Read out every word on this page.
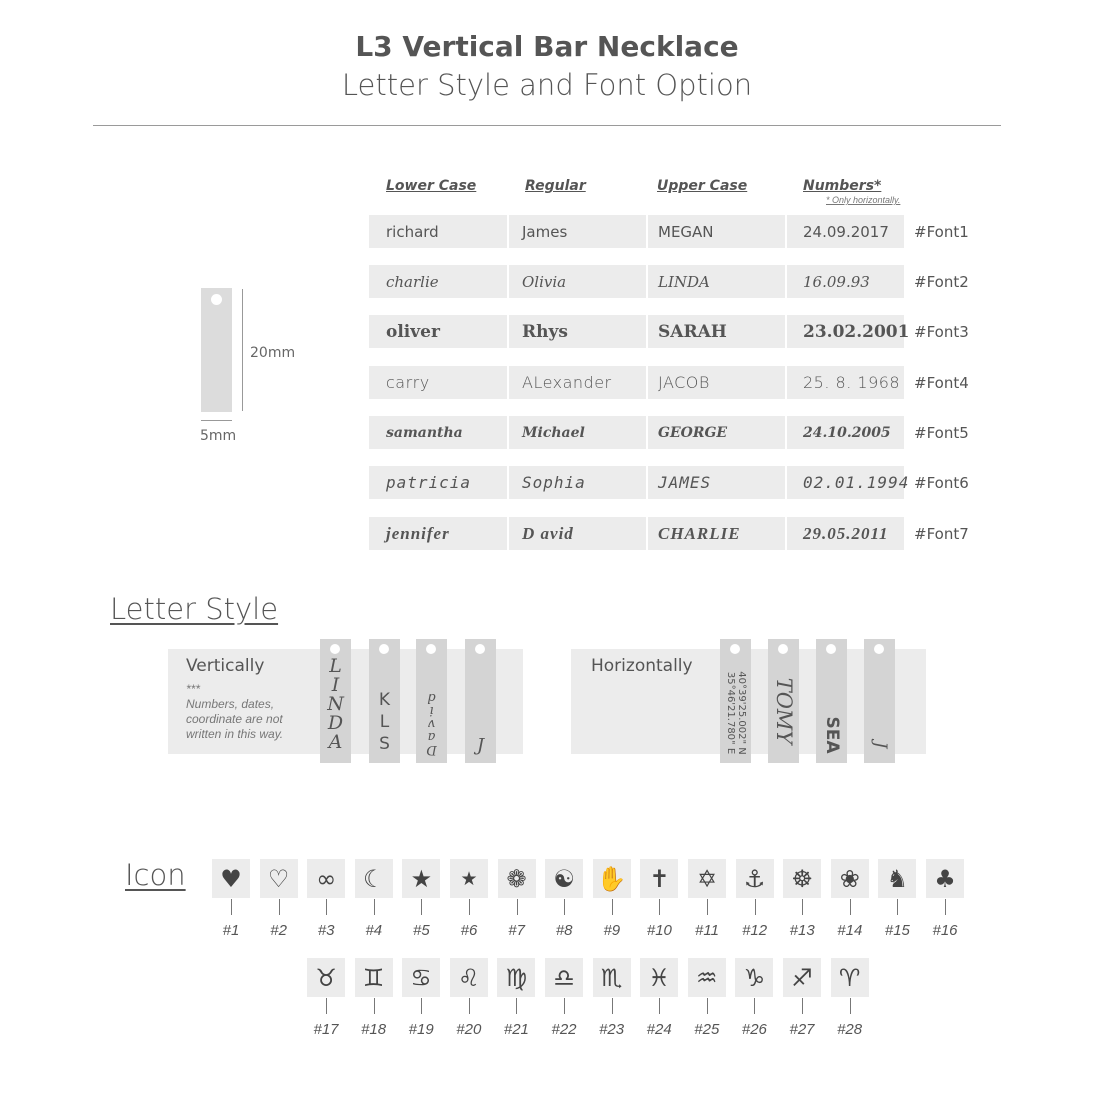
L3 Vertical Bar Necklace
Letter Style and Font Option
Lower Case	Regular	Upper Case	Numbers*
* Only horizontally.
richard	James	MEGAN	24.09.2017	#Font1
charlie	Olivia	LINDA	16.09.93	#Font2
oliver	Rhys	SARAH	23.02.2001 #Font3
carry	ALexander	JACOB	25. 8. 1968 #Font4
samantha	Michael	GEORGE	24.10.2005	#Font5
patricia	Sophia	JAMES	02.01.1994 #Font6
jennifer	D avid	CHARLIE	29.05.2011	#Font7
20mm
5mm
Letter Style
Vertically
***
Numbers, dates,
coordinate are not
written in this way.
Horizontally
L
I
N
D
A
K
L
S	D
a
v
i
d
J	40°39'25.002" N
35°46'21.780" E TOMY SEA J
Icon	♥
#1
♡
#2
∞
#3
☾
#4
★
#5
★
#6
❁
#7
☯
#8
✋
#9
✝
#10
✡
#11
⚓
#12
☸
#13
❀
#14
♞
#15
♣
#16
♉
#17
♊
#18
♋
#19
♌
#20
♍
#21
♎
#22
♏
#23
♓
#24
♒
#25
♑
#26
♐
#27
♈
#28
